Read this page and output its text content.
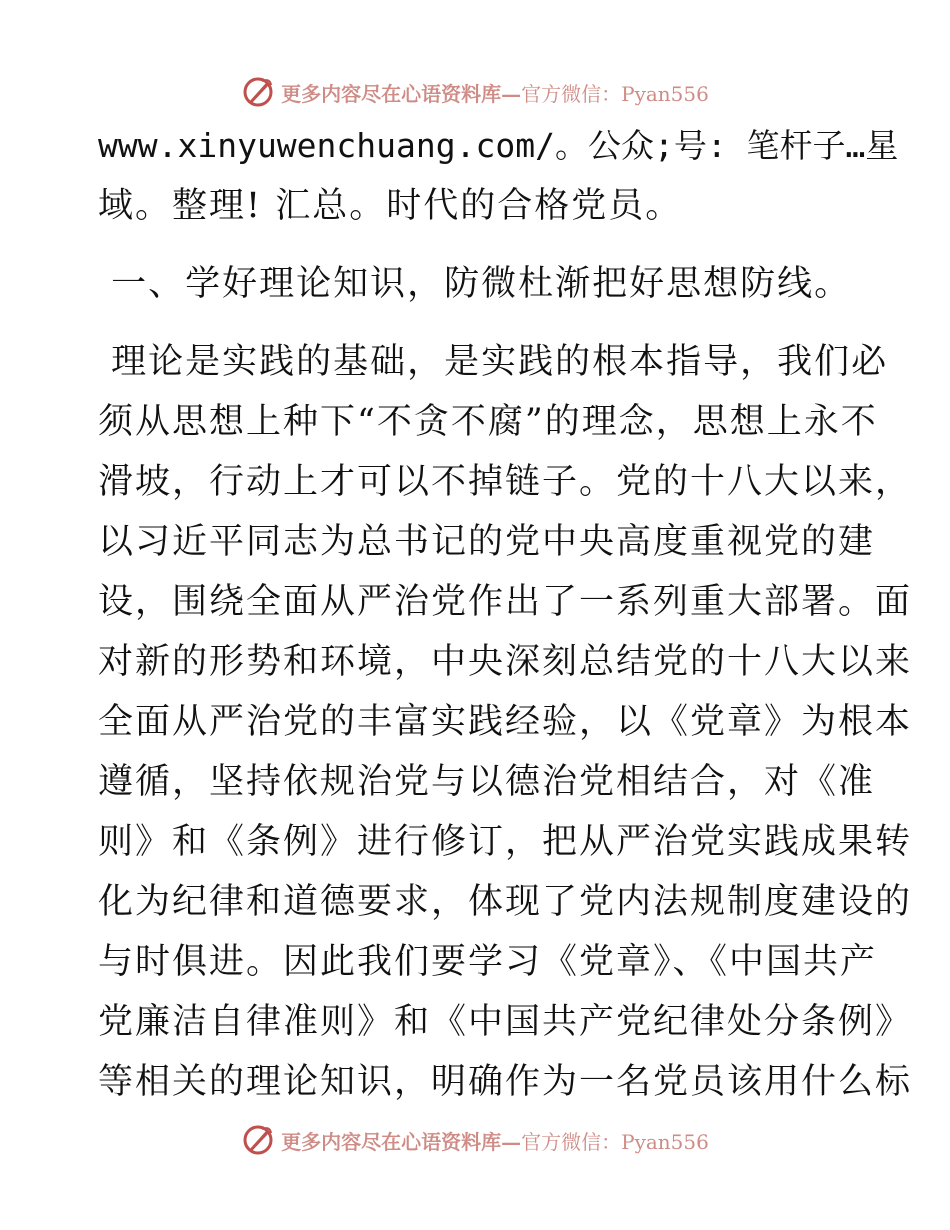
更多内容尽在心语资料库—官方微信：Pyan556
www.xinyuwenchuang.com/。公众;号: 笔杆子…星
域。整理! 汇总。时代的合格党员。
一、学好理论知识，防微杜渐把好思想防线。
理论是实践的基础，是实践的根本指导，我们必
须从思想上种下“不贪不腐”的理念，思想上永不
滑坡，行动上才可以不掉链子。党的十八大以来，
以习近平同志为总书记的党中央高度重视党的建
设，围绕全面从严治党作出了一系列重大部署。面
对新的形势和环境，中央深刻总结党的十八大以来
全面从严治党的丰富实践经验，以《党章》为根本
遵循，坚持依规治党与以德治党相结合，对《准
则》和《条例》进行修订，把从严治党实践成果转
化为纪律和道德要求，体现了党内法规制度建设的
与时俱进。因此我们要学习《党章》、《中国共产
党廉洁自律准则》和《中国共产党纪律处分条例》
等相关的理论知识，明确作为一名党员该用什么标
更多内容尽在心语资料库—官方微信：Pyan556
